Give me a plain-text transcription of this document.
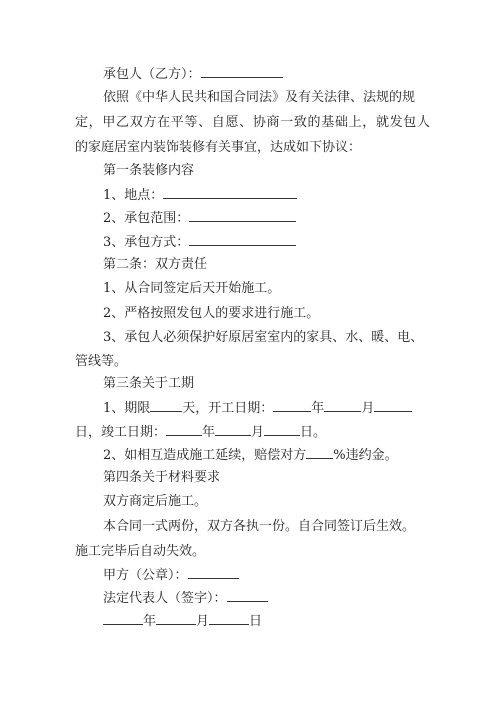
承包人（乙方）：
依照《中华人民共和国合同法》及有关法律、法规的规
定，甲乙双方在平等、自愿、协商一致的基础上，就发包人
的家庭居室内装饰装修有关事宜，达成如下协议：
第一条装修内容
1、地点：
2、承包范围：
3、承包方式：
第二条：双方责任
1、从合同签定后天开始施工。
2、严格按照发包人的要求进行施工。
3、承包人必须保护好原居室室内的家具、水、暖、电、
管线等。
第三条关于工期
1、期限 天，开工日期：	年	月
日，竣工日期：	年	月	日。
2、如相互造成施工延续，赔偿对方 %违约金。
第四条关于材料要求
双方商定后施工。
本合同一式两份，双方各执一份。自合同签订后生效。
施工完毕后自动失效。
甲方（公章）：
法定代表人（签字）：
年	月	日
